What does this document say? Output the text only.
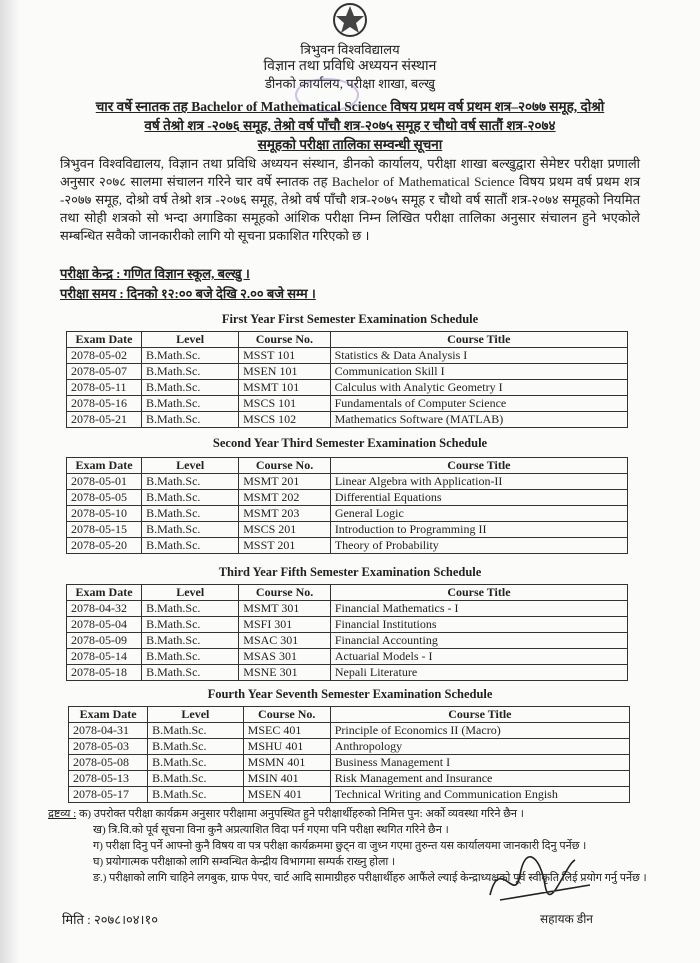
त्रिभुवन विश्वविद्यालय
विज्ञान तथा प्रविधि अध्ययन संस्थान
डीनको कार्यालय, परीक्षा शाखा, बल्खु
चार वर्षे स्नातक तह Bachelor of Mathematical Science विषय प्रथम वर्ष प्रथम शत्र–२०७७ समूह, दोश्रो
वर्ष तेश्रो शत्र -२०७६ समूह, तेश्रो वर्ष पाँचौ शत्र-२०७५ समूह र चौथो वर्ष सातौं शत्र-२०७४
समूहको परीक्षा तालिका सम्वन्धी सूचना
त्रिभुवन विश्वविद्यालय, विज्ञान तथा प्रविधि अध्ययन संस्थान, डीनको कार्यालय, परीक्षा शाखा बल्खुद्वारा सेमेष्टर परीक्षा प्रणाली अनुसार २०७८ सालमा संचालन गरिने चार वर्षे स्नातक तह Bachelor of Mathematical Science विषय प्रथम वर्ष प्रथम शत्र -२०७७ समूह, दोश्रो वर्ष तेश्रो शत्र -२०७६ समूह, तेश्रो वर्ष पाँचौ शत्र-२०७५ समूह र चौथो वर्ष सातौं शत्र-२०७४ समूहको नियमित तथा सोही शत्रको सो भन्दा अगाडिका समूहको आंशिक परीक्षा निम्न लिखित परीक्षा तालिका अनुसार संचालन हुने भएकोले सम्बन्धित सवैको जानकारीको लागि यो सूचना प्रकाशित गरिएको छ ।
परीक्षा केन्द्र : गणित विज्ञान स्कूल, बल्खु ।
परीक्षा समय : दिनको १२:०० बजे देखि २.०० बजे सम्म ।
First Year First Semester Examination Schedule
Exam Date	Level	Course No.	Course Title
2078-05-02	B.Math.Sc.	MSST 101	Statistics & Data Analysis I
2078-05-07	B.Math.Sc.	MSEN 101	Communication Skill I
2078-05-11	B.Math.Sc.	MSMT 101	Calculus with Analytic Geometry I
2078-05-16	B.Math.Sc.	MSCS 101	Fundamentals of Computer Science
2078-05-21	B.Math.Sc.	MSCS 102	Mathematics Software (MATLAB)
Second Year Third Semester Examination Schedule
Exam Date	Level	Course No.	Course Title
2078-05-01	B.Math.Sc.	MSMT 201	Linear Algebra with Application-II
2078-05-05	B.Math.Sc.	MSMT 202	Differential Equations
2078-05-10	B.Math.Sc.	MSMT 203	General Logic
2078-05-15	B.Math.Sc.	MSCS 201	Introduction to Programming II
2078-05-20	B.Math.Sc.	MSST 201	Theory of Probability
Third Year Fifth Semester Examination Schedule
Exam Date	Level	Course No.	Course Title
2078-04-32	B.Math.Sc.	MSMT 301	Financial Mathematics - I
2078-05-04	B.Math.Sc.	MSFI 301	Financial Institutions
2078-05-09	B.Math.Sc.	MSAC 301	Financial Accounting
2078-05-14	B.Math.Sc.	MSAS 301	Actuarial Models - I
2078-05-18	B.Math.Sc.	MSNE 301	Nepali Literature
Fourth Year Seventh Semester Examination Schedule
Exam Date	Level	Course No.	Course Title
2078-04-31	B.Math.Sc.	MSEC 401	Principle of Economics II (Macro)
2078-05-03	B.Math.Sc.	MSHU 401	Anthropology
2078-05-08	B.Math.Sc.	MSMN 401	Business Management I
2078-05-13	B.Math.Sc.	MSIN 401	Risk Management and Insurance
2078-05-17	B.Math.Sc.	MSEN 401	Technical Writing and Communication Engish
द्रष्टव्य : क) उपरोक्त परीक्षा कार्यक्रम अनुसार परीक्षामा अनुपस्थित हुने परीक्षार्थीहरुको निमित्त पुन: अर्को व्यवस्था गरिने छैन ।
ख) त्रि.वि.को पूर्व सूचना विना कुनै अप्रत्याशित विदा पर्न गएमा पनि परीक्षा स्थगित गरिने छैन ।
ग) परीक्षा दिनु पर्ने आफ्नो कुनै विषय वा पत्र परीक्षा कार्यक्रममा छुट्न वा जुध्न गएमा तुरुन्त यस कार्यालयमा जानकारी दिनु पर्नेछ ।
घ) प्रयोगात्मक परीक्षाको लागि सम्वन्धित केन्द्रीय विभागमा सम्पर्क राख्नु होला ।
ङ.) परीक्षाको लागि चाहिने लगबुक, ग्राफ पेपर, चार्ट आदि सामाग्रीहरु परीक्षार्थीहरु आफैंले ल्याई केन्द्राध्यक्षको पूर्व स्वीकृति लिई प्रयोग गर्नु पर्नेछ ।
मिति : २०७८।०४।१०	सहायक डीन
